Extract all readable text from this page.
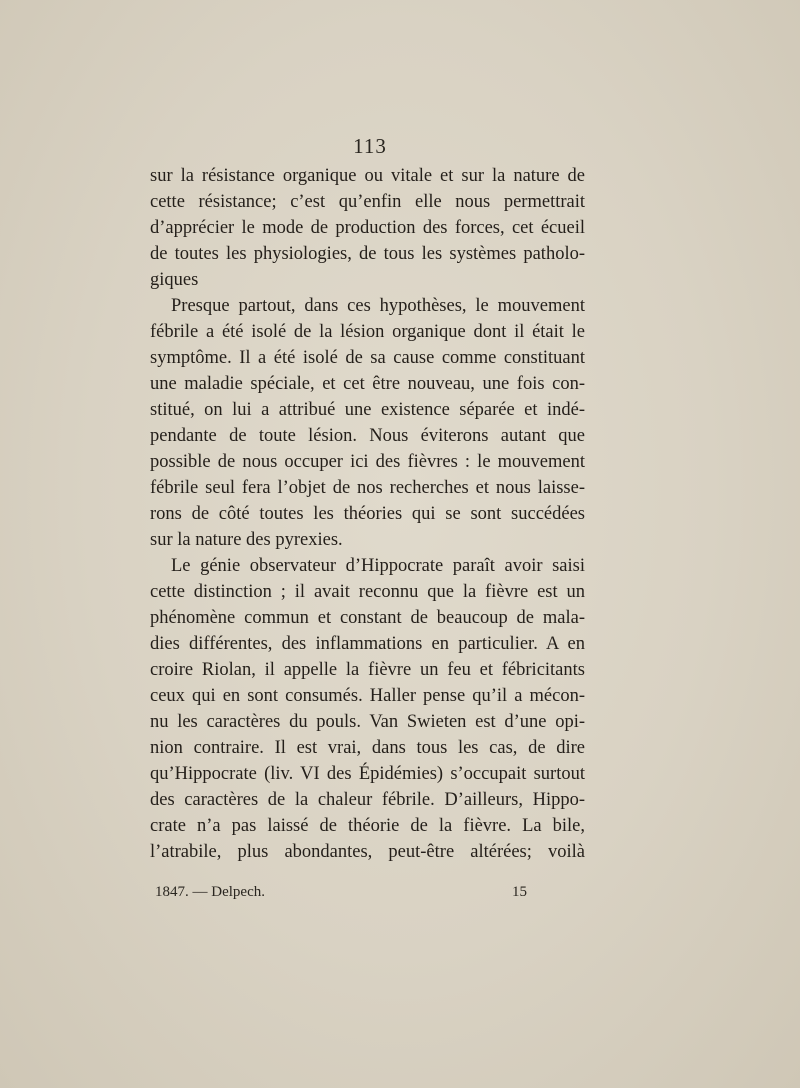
113
sur la résistance organique ou vitale et sur la nature de
cette résistance; c’est qu’enfin elle nous permettrait
d’apprécier le mode de production des forces, cet écueil
de toutes les physiologies, de tous les systèmes patholo-
giques
Presque partout, dans ces hypothèses, le mouvement
fébrile a été isolé de la lésion organique dont il était le
symptôme. Il a été isolé de sa cause comme constituant
une maladie spéciale, et cet être nouveau, une fois con-
stitué, on lui a attribué une existence séparée et indé-
pendante de toute lésion. Nous éviterons autant que
possible de nous occuper ici des fièvres : le mouvement
fébrile seul fera l’objet de nos recherches et nous laisse-
rons de côté toutes les théories qui se sont succédées
sur la nature des pyrexies.
Le génie observateur d’Hippocrate paraît avoir saisi
cette distinction ; il avait reconnu que la fièvre est un
phénomène commun et constant de beaucoup de mala-
dies différentes, des inflammations en particulier. A en
croire Riolan, il appelle la fièvre un feu et fébricitants
ceux qui en sont consumés. Haller pense qu’il a mécon-
nu les caractères du pouls. Van Swieten est d’une opi-
nion contraire. Il est vrai, dans tous les cas, de dire
qu’Hippocrate (liv. VI des Épidémies) s’occupait surtout
des caractères de la chaleur fébrile. D’ailleurs, Hippo-
crate n’a pas laissé de théorie de la fièvre. La bile,
l’atrabile, plus abondantes, peut-être altérées; voilà
1847. — Delpech.	15
